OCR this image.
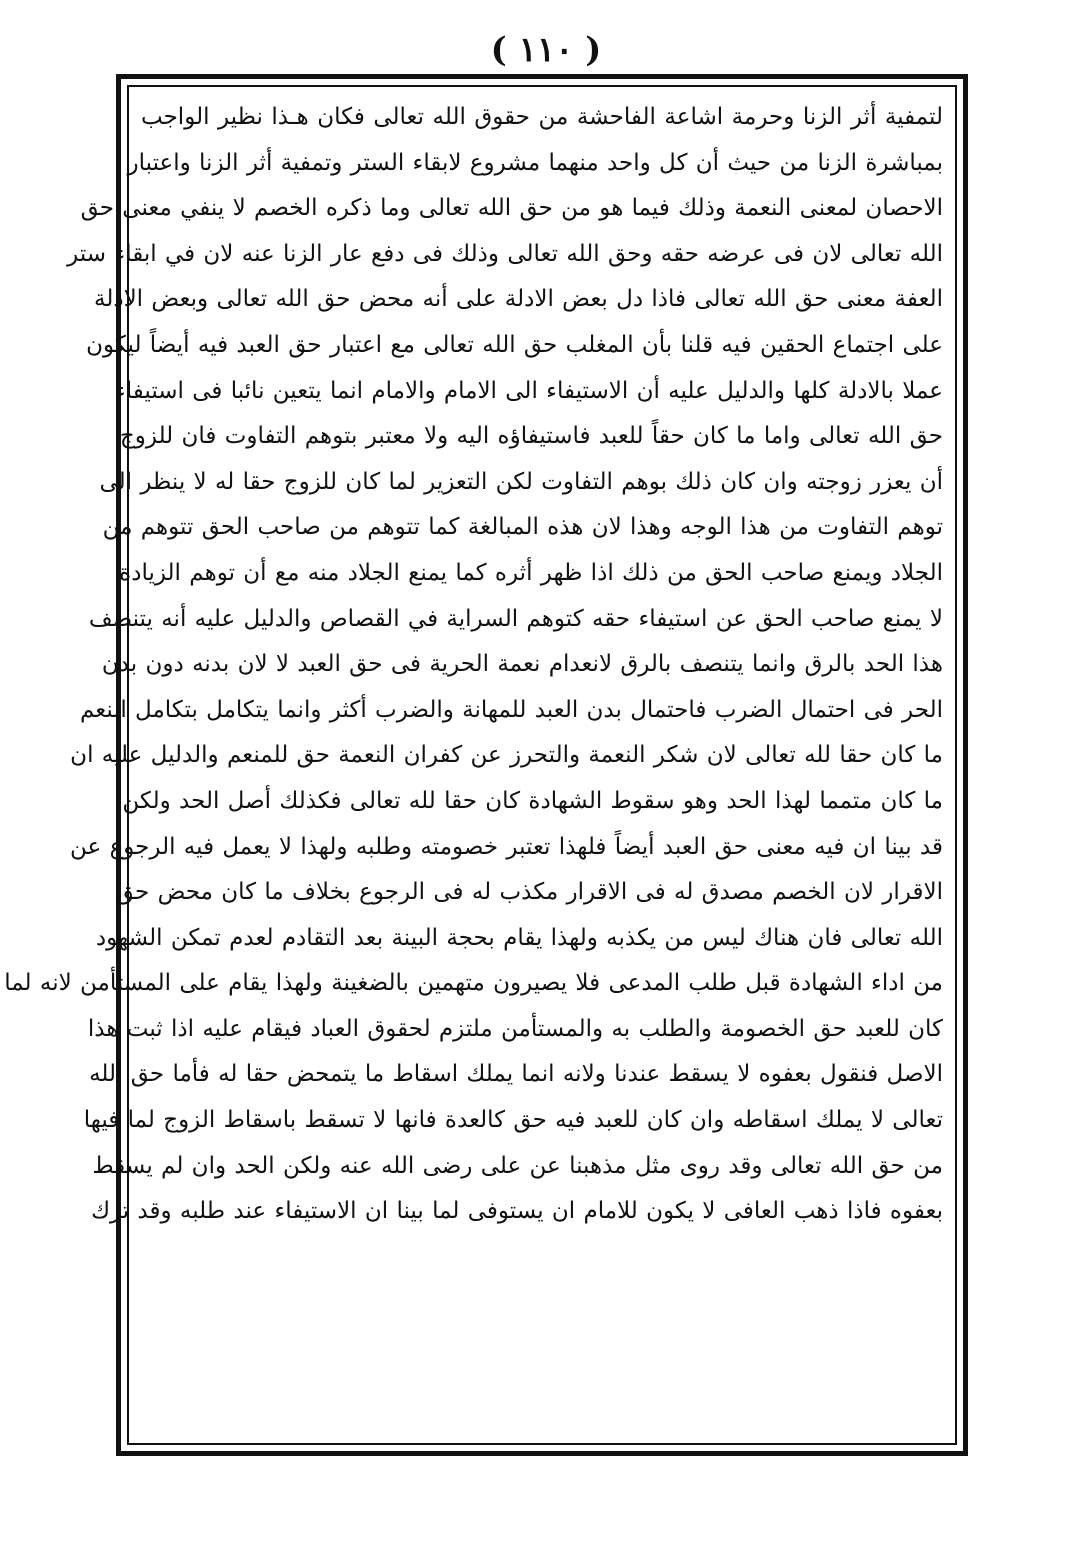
( ١١٠ )
لتمفية أثر الزنا وحرمة اشاعة الفاحشة من حقوق الله تعالى فكان هـذا نظير الواجب
بمباشرة الزنا من حيث أن كل واحد منهما مشروع لابقاء الستر وتمفية أثر الزنا واعتبار
الاحصان لمعنى النعمة وذلك فيما هو من حق الله تعالى وما ذكره الخصم لا ينفي معنى حق
الله تعالى لان فى عرضه حقه وحق الله تعالى وذلك فى دفع عار الزنا عنه لان في ابقاء ستر
العفة معنى حق الله تعالى فاذا دل بعض الادلة على أنه محض حق الله تعالى وبعض الادلة
على اجتماع الحقين فيه قلنا بأن المغلب حق الله تعالى مع اعتبار حق العبد فيه أيضاً ليكون
عملا بالادلة كلها والدليل عليه أن الاستيفاء الى الامام والامام انما يتعين نائبا فى استيفاء
حق الله تعالى واما ما كان حقاً للعبد فاستيفاؤه اليه ولا معتبر بتوهم التفاوت فان للزوج
أن يعزر زوجته وان كان ذلك بوهم التفاوت لكن التعزير لما كان للزوج حقا له لا ينظر الى
توهم التفاوت من هذا الوجه وهذا لان هذه المبالغة كما تتوهم من صاحب الحق تتوهم من
الجلاد ويمنع صاحب الحق من ذلك اذا ظهر أثره كما يمنع الجلاد منه مع أن توهم الزيادة
لا يمنع صاحب الحق عن استيفاء حقه كتوهم السراية في القصاص والدليل عليه أنه يتنصف
هذا الحد بالرق وانما يتنصف بالرق لانعدام نعمة الحرية فى حق العبد لا لان بدنه دون بدن
الحر فى احتمال الضرب فاحتمال بدن العبد للمهانة والضرب أكثر وانما يتكامل بتكامل النعم
ما كان حقا لله تعالى لان شكر النعمة والتحرز عن كفران النعمة حق للمنعم والدليل عليه ان
ما كان متمما لهذا الحد وهو سقوط الشهادة كان حقا لله تعالى فكذلك أصل الحد ولكن
قد بينا ان فيه معنى حق العبد أيضاً فلهذا تعتبر خصومته وطلبه ولهذا لا يعمل فيه الرجوع عن
الاقرار لان الخصم مصدق له فى الاقرار مكذب له فى الرجوع بخلاف ما كان محض حق
الله تعالى فان هناك ليس من يكذبه ولهذا يقام بحجة البينة بعد التقادم لعدم تمكن الشهود
من اداء الشهادة قبل طلب المدعى فلا يصيرون متهمين بالضغينة ولهذا يقام على المستأمن لانه لما
كان للعبد حق الخصومة والطلب به والمستأمن ملتزم لحقوق العباد فيقام عليه اذا ثبت هذا
الاصل فنقول بعفوه لا يسقط عندنا ولانه انما يملك اسقاط ما يتمحض حقا له فأما حق الله
تعالى لا يملك اسقاطه وان كان للعبد فيه حق كالعدة فانها لا تسقط باسقاط الزوج لما فيها
من حق الله تعالى وقد روى مثل مذهبنا عن على رضى الله عنه ولكن الحد وان لم يسقط
بعفوه فاذا ذهب العافى لا يكون للامام ان يستوفى لما بينا ان الاستيفاء عند طلبه وقد ترك
